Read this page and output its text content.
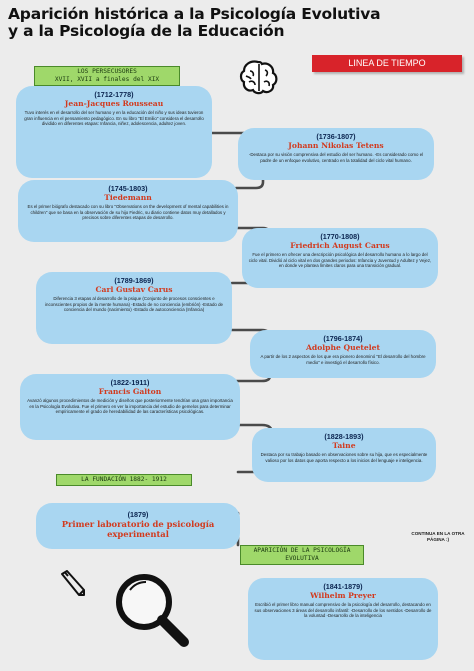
Aparición histórica a la Psicología Evolutiva
y a la Psicología de la Educación
LINEA DE TIEMPO
LOS PERSECUSORES
XVII, XVII a finales del XIX
(1712-1778)
Jean-Jacques Rousseau
Tuvo interés en el desarrollo del ser humano y en la educación del niño y sus ideas tuvieron gran influencia en el pensamiento pedagógico. En su libro "El Emilio" considera el desarrollo dividido en diferentes etapas: Infancia, niñez, adolescencia, adultez joven.
(1736-1807)
Johann Nikolas Tetens
-Destaca por su visión comprensiva del estudio del ser humano. -Es considerado como el padre de un enfoque evolutivo, centrado en la totalidad del ciclo vital humano.
(1745-1803)
Tiedemann
Es el primer biógrafo destacado con su libro "Observations on the development of mental capabilities in children" que se basa en la observación de su hijo Fiedric, su diario contiene datos muy detallados y precisos sobre diferentes etapas de desarrollo.
(1770-1808)
Friedrich August Carus
Fue el primero en ofrecer una descripción psicológica del desarrollo humano a lo largo del ciclo vital. Dividió al ciclo vital en dos grandes periodos: Infancia y Juventud y Adultez y Vejez, en donde ve plantea límites claros para una transición gradual.
(1789-1869)
Carl Gustav Carus
Diferencia 3 etapas al desarrollo de la psique (Conjunto de procesos conscientes e inconscientes propios de la mente humana) -Estado de no conciencia (embrión) -Estado de conciencia del mundo (nacimiento) -Estado de autoconciencia (Infancia)
(1796-1874)
Adolphe Quetelet
A partir de los 2 aspectos de los que era pionero denominó "El desarrollo del hombre medio" e investigó el desarrollo físico.
(1822-1911)
Francis Galton
Avanzó algunos procedimientos de medición y diseños que posteriormente tendrían una gran importancia en la Psicología Evolutiva. Fue el primero en ver la importancia del estudio de gemelos para determinar empíricamente el grado de heredabilidad de las características psicológicas.
(1828-1893)
Taine
Destaca por su trabajo basado en observaciones sobre su hija, que es especialmente valioso por los datos que aporta respecto a los inicios del lenguaje e inteligencia.
LA FUNDACIÓN 1882- 1912
(1879)
Primer laboratorio de psicología experimental
APARICIÓN DE LA PSICOLOGÍA
EVOLUTIVA
CONTINUA EN LA OTRA PÁGINA :)
(1841-1879)
Wilhelm Preyer
Escribió el primer libro manual comprensivo de la psicología del desarrollo, destacando en sus observaciones 3 áreas del desarrollo infantil: -Desarrollo de los sentidos -Desarrollo de la voluntad -Desarrollo de la inteligencia
